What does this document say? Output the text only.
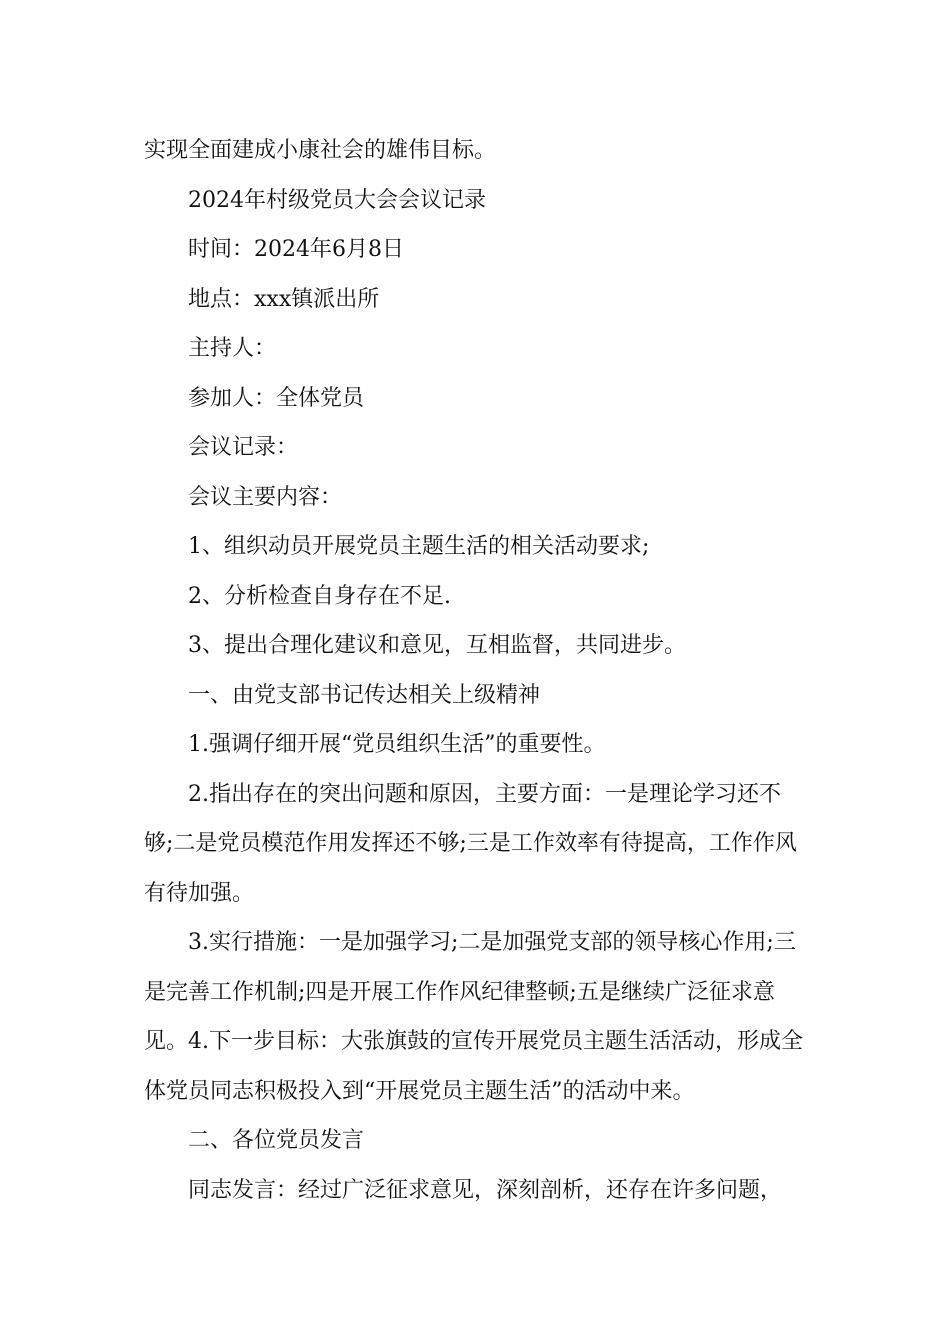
实现全面建成小康社会的雄伟目标。

2024年村级党员大会会议记录

时间：2024年6月8日

地点：xxx镇派出所

主持人：

参加人：全体党员

会议记录：

会议主要内容：

1、组织动员开展党员主题生活的相关活动要求;

2、分析检查自身存在不足.

3、提出合理化建议和意见，互相监督，共同进步。

一、由党支部书记传达相关上级精神

1.强调仔细开展“党员组织生活”的重要性。

2.指出存在的突出问题和原因，主要方面：一是理论学习还不够;二是党员模范作用发挥还不够;三是工作效率有待提高，工作作风有待加强。

3.实行措施：一是加强学习;二是加强党支部的领导核心作用;三是完善工作机制;四是开展工作作风纪律整顿;五是继续广泛征求意见。4.下一步目标：大张旗鼓的宣传开展党员主题生活活动，形成全体党员同志积极投入到“开展党员主题生活”的活动中来。

二、各位党员发言

同志发言：经过广泛征求意见，深刻剖析，还存在许多问题，
